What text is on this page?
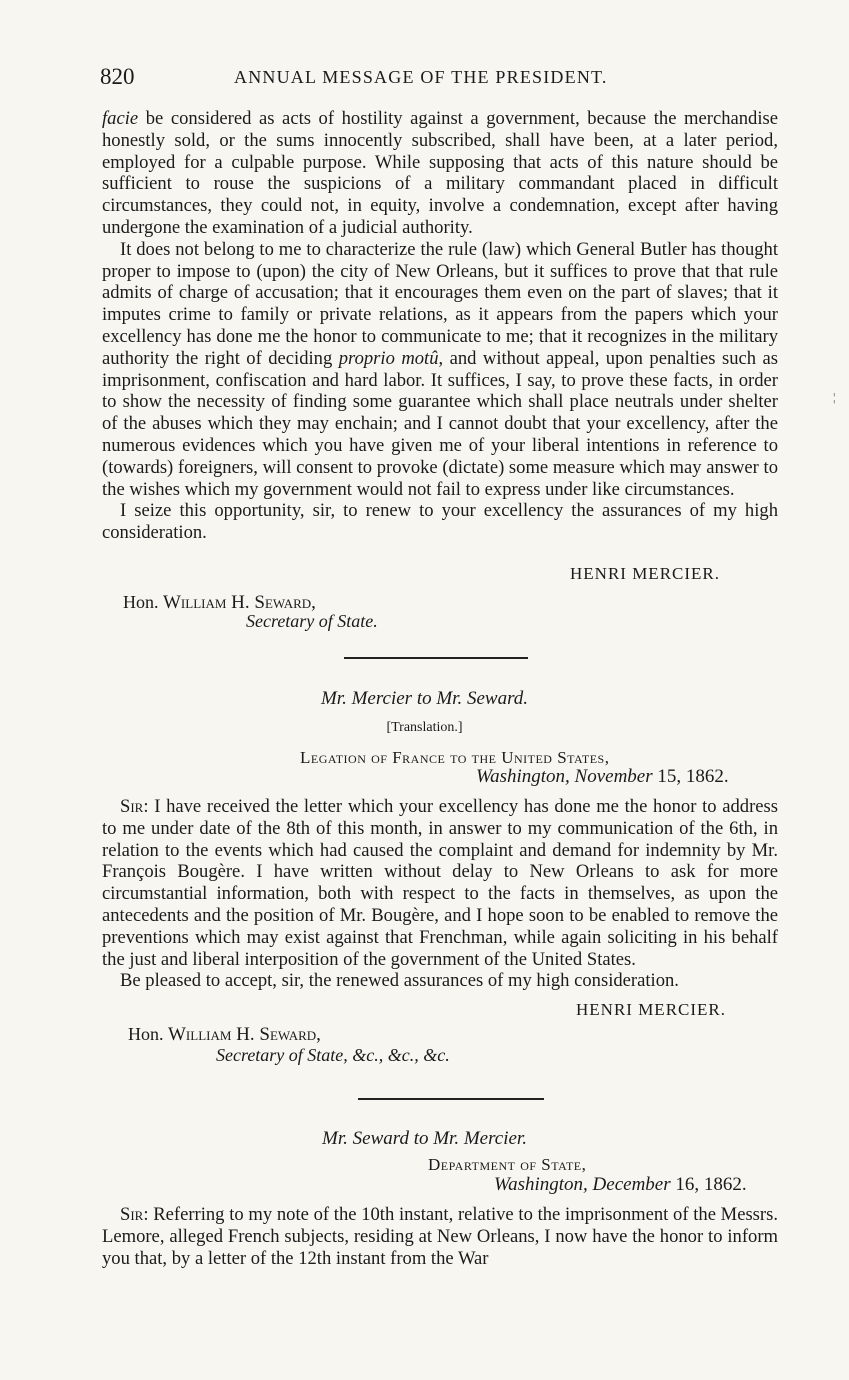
820	ANNUAL MESSAGE OF THE PRESIDENT.

facie be considered as acts of hostility against a government, because the merchandise honestly sold, or the sums innocently subscribed, shall have been, at a later period, employed for a culpable purpose. While supposing that acts of this nature should be sufficient to rouse the suspicions of a military commandant placed in difficult circumstances, they could not, in equity, involve a condemnation, except after having undergone the examination of a judicial authority.

It does not belong to me to characterize the rule (law) which General Butler has thought proper to impose to (upon) the city of New Orleans, but it suffices to prove that that rule admits of charge of accusation; that it encourages them even on the part of slaves; that it imputes crime to family or private relations, as it appears from the papers which your excellency has done me the honor to communicate to me; that it recognizes in the military authority the right of deciding proprio motû, and without appeal, upon penalties such as imprisonment, confiscation and hard labor. It suffices, I say, to prove these facts, in order to show the necessity of finding some guarantee which shall place neutrals under shelter of the abuses which they may enchain; and I cannot doubt that your excellency, after the numerous evidences which you have given me of your liberal intentions in reference to (towards) foreigners, will consent to provoke (dictate) some measure which may answer to the wishes which my government would not fail to express under like circumstances.

I seize this opportunity, sir, to renew to your excellency the assurances of my high consideration.

HENRI MERCIER.
Hon. William H. Seward,
Secretary of State.
Mr. Mercier to Mr. Seward.
[Translation.]
Legation of France to the United States,
Washington, November 15, 1862.

Sir: I have received the letter which your excellency has done me the honor to address to me under date of the 8th of this month, in answer to my communication of the 6th, in relation to the events which had caused the complaint and demand for indemnity by Mr. François Bougère. I have written without delay to New Orleans to ask for more circumstantial information, both with respect to the facts in themselves, as upon the antecedents and the position of Mr. Bougère, and I hope soon to be enabled to remove the preventions which may exist against that Frenchman, while again soliciting in his behalf the just and liberal interposition of the government of the United States.

Be pleased to accept, sir, the renewed assurances of my high consideration.

HENRI MERCIER.
Hon. William H. Seward,
Secretary of State, &c., &c., &c.
Mr. Seward to Mr. Mercier.
Department of State,
Washington, December 16, 1862.

Sir: Referring to my note of the 10th instant, relative to the imprisonment of the Messrs. Lemore, alleged French subjects, residing at New Orleans, I now have the honor to inform you that, by a letter of the 12th instant from the War

¦
